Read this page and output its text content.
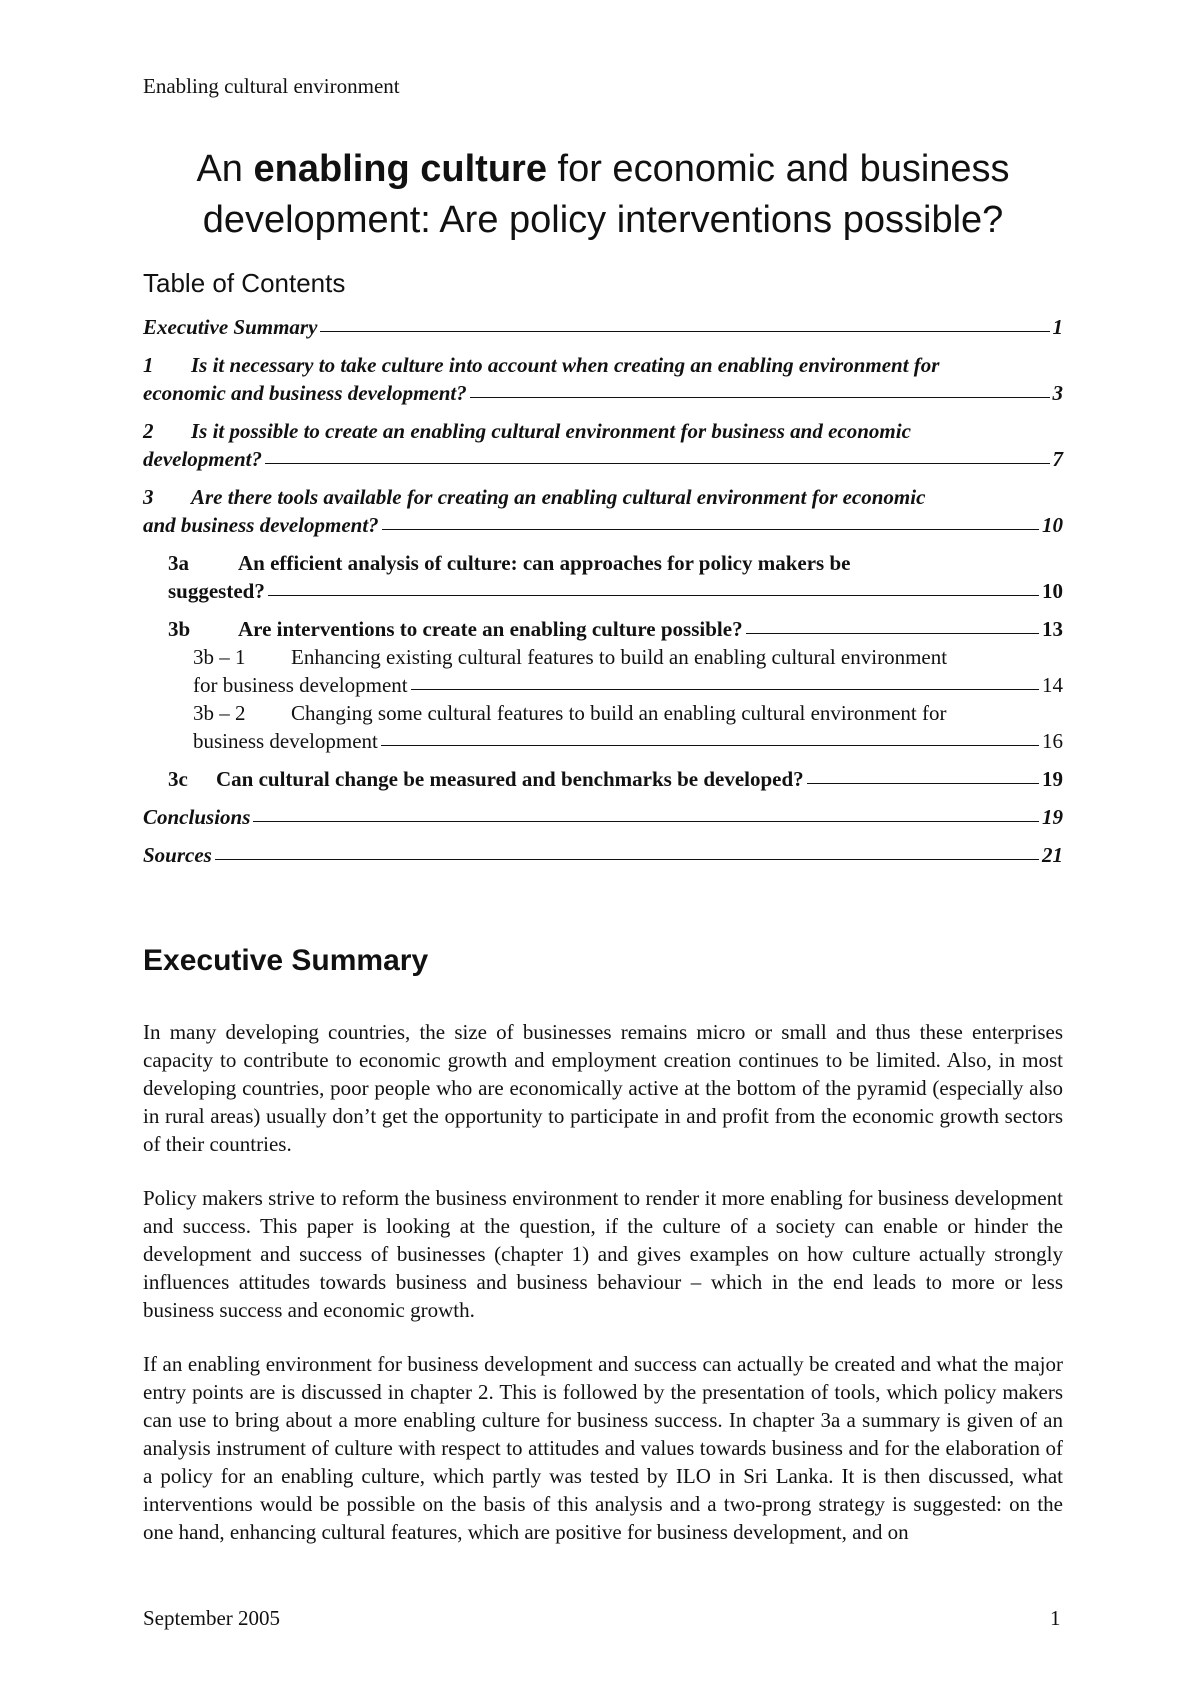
Enabling cultural environment
An enabling culture for economic and business development: Are policy interventions possible?
Table of Contents
Executive Summary	1
1 Is it necessary to take culture into account when creating an enabling environment for
economic and business development?	3
2 Is it possible to create an enabling cultural environment for business and economic
development?	7
3 Are there tools available for creating an enabling cultural environment for economic
and business development?	10
3a An efficient analysis of culture: can approaches for policy makers be
suggested?	10
3b	Are interventions to create an enabling culture possible?	13
3b – 1 Enhancing existing cultural features to build an enabling cultural environment
for business development	14
3b – 2 Changing some cultural features to build an enabling cultural environment for
business development	16
3c	Can cultural change be measured and benchmarks be developed?	19
Conclusions	19
Sources	21
Executive Summary

In many developing countries, the size of businesses remains micro or small and thus these enterprises capacity to contribute to economic growth and employment creation continues to be limited. Also, in most developing countries, poor people who are economically active at the bottom of the pyramid (especially also in rural areas) usually don’t get the opportunity to participate in and profit from the economic growth sectors of their countries.

Policy makers strive to reform the business environment to render it more enabling for business development and success. This paper is looking at the question, if the culture of a society can enable or hinder the development and success of businesses (chapter 1) and gives examples on how culture actually strongly influences attitudes towards business and business behaviour – which in the end leads to more or less business success and economic growth.

If an enabling environment for business development and success can actually be created and what the major entry points are is discussed in chapter 2. This is followed by the presentation of tools, which policy makers can use to bring about a more enabling culture for business success. In chapter 3a a summary is given of an analysis instrument of culture with respect to attitudes and values towards business and for the elaboration of a policy for an enabling culture, which partly was tested by ILO in Sri Lanka. It is then discussed, what interventions would be possible on the basis of this analysis and a two-prong strategy is suggested: on the one hand, enhancing cultural features, which are positive for business development, and on

September 2005	1
